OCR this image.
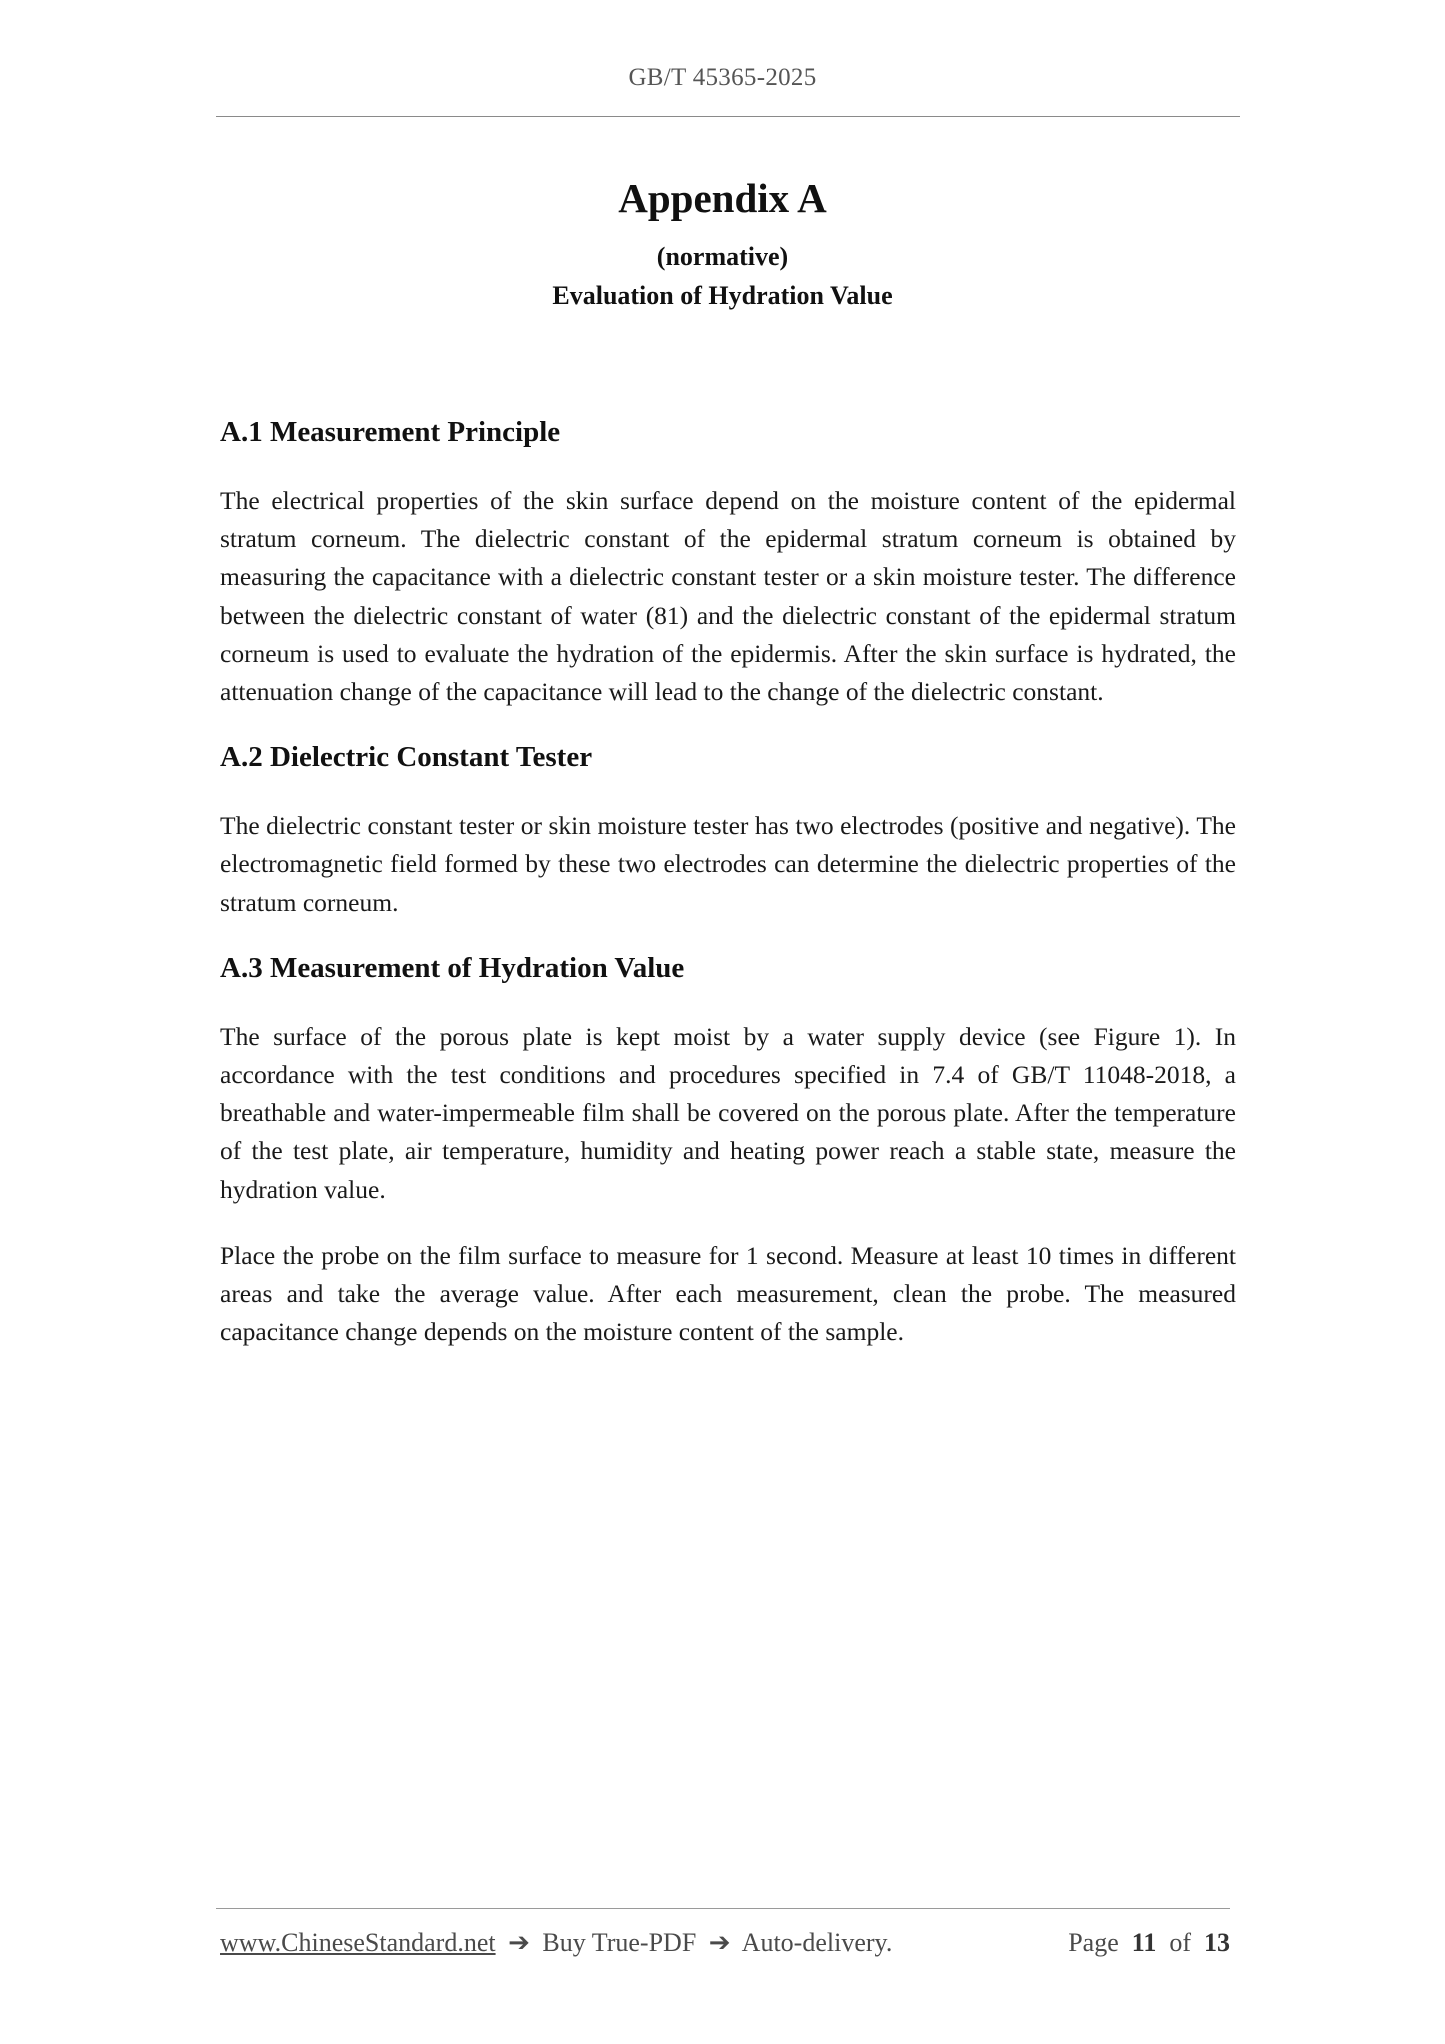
GB/T 45365-2025
Appendix A
(normative)
Evaluation of Hydration Value
A.1 Measurement Principle

The electrical properties of the skin surface depend on the moisture content of the epidermal stratum corneum. The dielectric constant of the epidermal stratum corneum is obtained by measuring the capacitance with a dielectric constant tester or a skin moisture tester. The difference between the dielectric constant of water (81) and the dielectric constant of the epidermal stratum corneum is used to evaluate the hydration of the epidermis. After the skin surface is hydrated, the attenuation change of the capacitance will lead to the change of the dielectric constant.

A.2 Dielectric Constant Tester

The dielectric constant tester or skin moisture tester has two electrodes (positive and negative). The electromagnetic field formed by these two electrodes can determine the dielectric properties of the stratum corneum.

A.3 Measurement of Hydration Value

The surface of the porous plate is kept moist by a water supply device (see Figure 1). In accordance with the test conditions and procedures specified in 7.4 of GB/T 11048-2018, a breathable and water-impermeable film shall be covered on the porous plate. After the temperature of the test plate, air temperature, humidity and heating power reach a stable state, measure the hydration value.

Place the probe on the film surface to measure for 1 second. Measure at least 10 times in different areas and take the average value. After each measurement, clean the probe. The measured capacitance change depends on the moisture content of the sample.

www.ChineseStandard.net ➔ Buy True-PDF ➔ Auto-delivery.	Page 11 of 13
